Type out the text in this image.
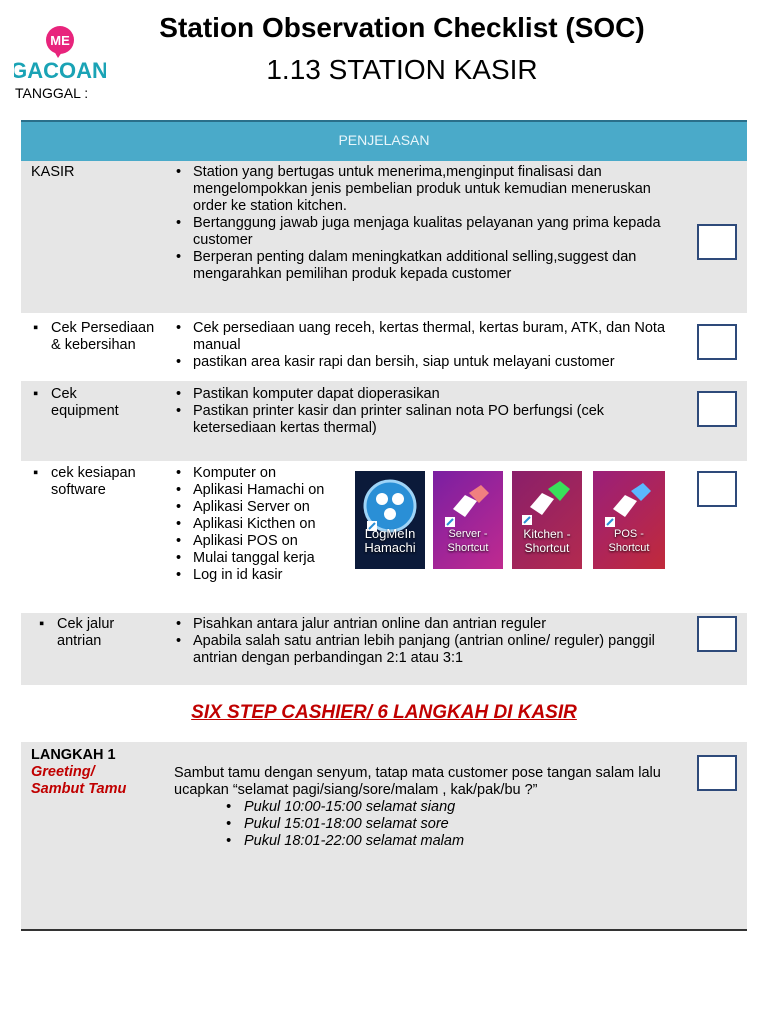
ME
GACOAN
TANGGAL :
Station Observation Checklist (SOC)
1.13 STATION KASIR
PENJELASAN
KASIR	• Station yang bertugas untuk menerima,menginput finalisasi dan mengelompokkan jenis pembelian produk untuk kemudian meneruskan order ke station kitchen.
• Bertanggung jawab juga menjaga kualitas pelayanan yang prima kepada customer
• Berperan penting dalam meningkatkan additional selling,suggest dan mengarahkan pemilihan produk kepada customer
▪ Cek Persediaan & kebersihan
• Cek persediaan uang receh, kertas thermal, kertas buram, ATK, dan Nota manual
• pastikan area kasir rapi dan bersih, siap untuk melayani customer
▪ Cek equipment
• Pastikan komputer dapat dioperasikan
• Pastikan printer kasir dan printer salinan nota PO berfungsi (cek ketersediaan kertas thermal)
▪ cek kesiapan software
• Komputer on
• Aplikasi Hamachi on
• Aplikasi Server on
• Aplikasi Kicthen on
• Aplikasi POS on
• Mulai tanggal kerja
• Log in id kasir
LogMeIn Hamachi
Server - Shortcut
Kitchen - Shortcut
POS - Shortcut
▪ Cek jalur antrian
• Pisahkan antara jalur antrian online dan antrian reguler
• Apabila salah satu antrian lebih panjang (antrian online/ reguler) panggil antrian dengan perbandingan 2:1 atau 3:1
SIX STEP CASHIER/ 6 LANGKAH DI KASIR
LANGKAH 1
Greeting/ Sambut Tamu
Sambut tamu dengan senyum, tatap mata customer pose tangan salam lalu ucapkan “selamat pagi/siang/sore/malam , kak/pak/bu ?”
• Pukul 10:00-15:00 selamat siang
• Pukul 15:01-18:00 selamat sore
• Pukul 18:01-22:00 selamat malam
